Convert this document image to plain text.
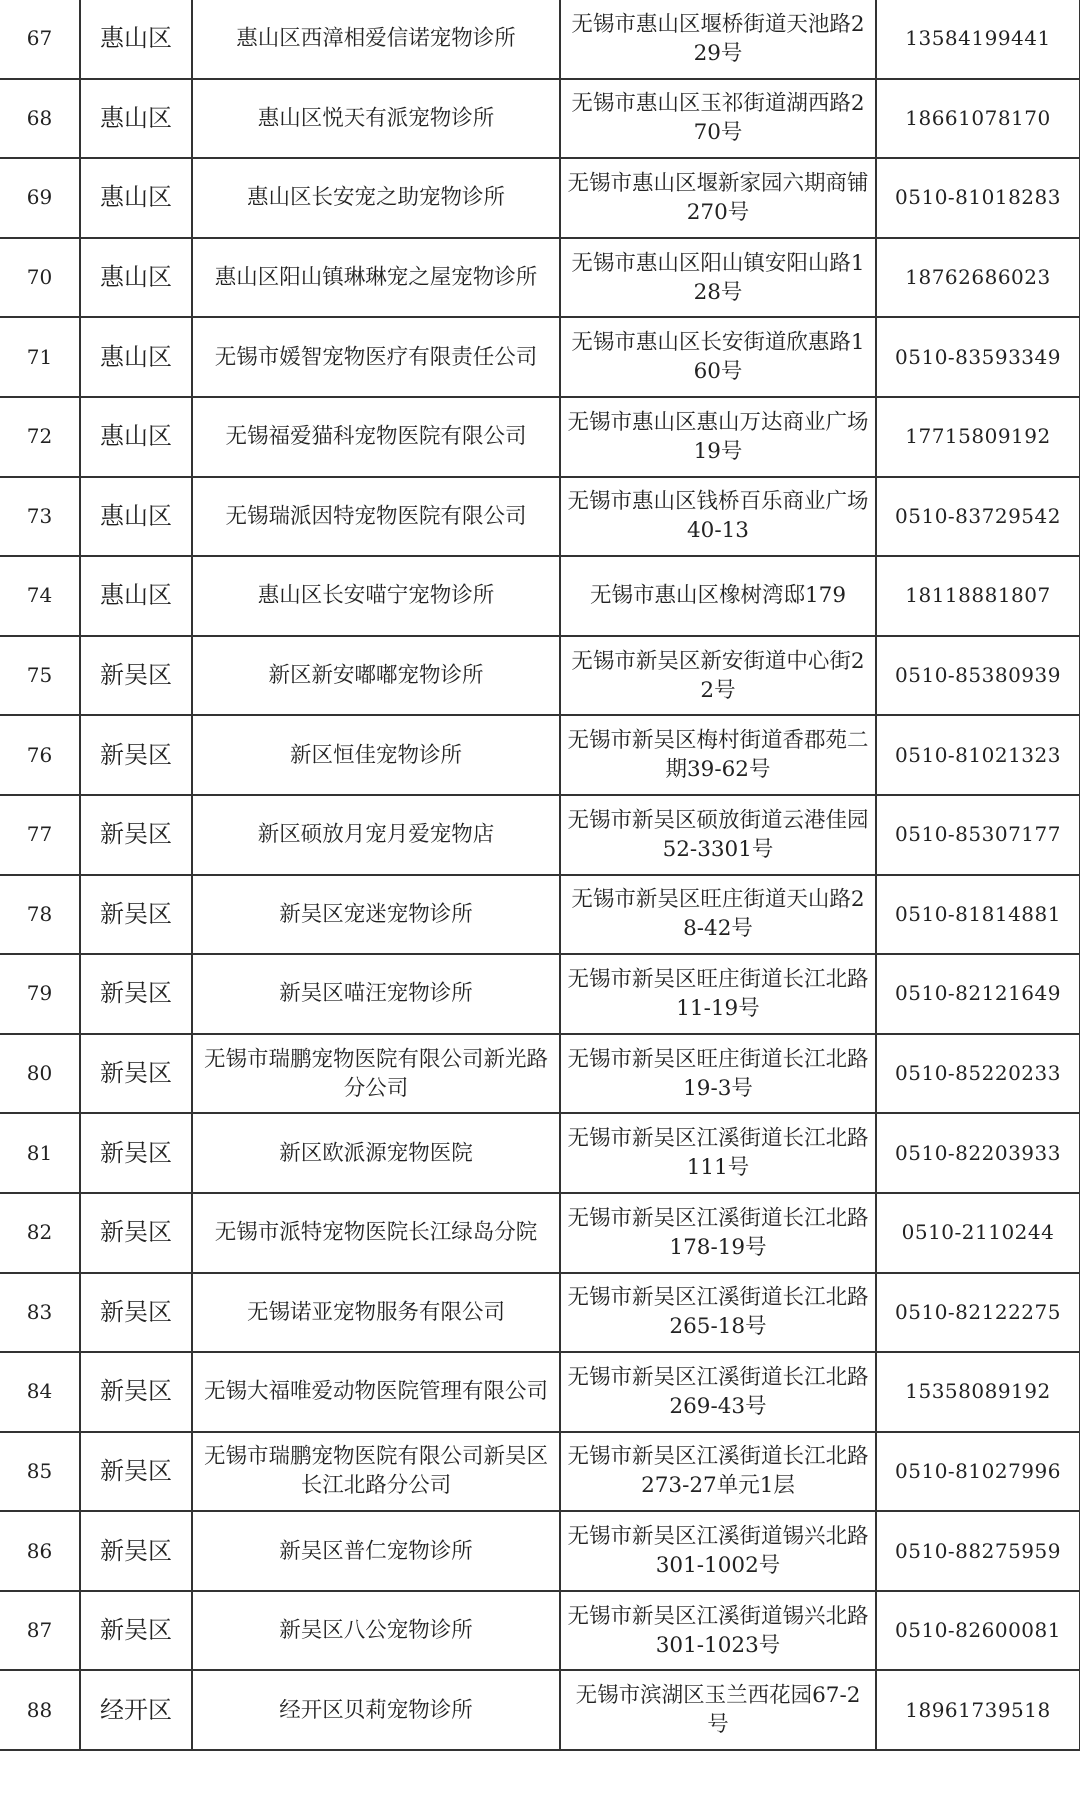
67	惠山区	惠山区西漳相爱信诺宠物诊所	无锡市惠山区堰桥街道天池路229号	13584199441
68	惠山区	惠山区悦天有派宠物诊所	无锡市惠山区玉祁街道湖西路270号	18661078170
69	惠山区	惠山区长安宠之助宠物诊所	无锡市惠山区堰新家园六期商铺270号	0510-81018283
70	惠山区	惠山区阳山镇琳琳宠之屋宠物诊所	无锡市惠山区阳山镇安阳山路128号	18762686023
71	惠山区	无锡市媛智宠物医疗有限责任公司	无锡市惠山区长安街道欣惠路160号	0510-83593349
72	惠山区	无锡福爱猫科宠物医院有限公司	无锡市惠山区惠山万达商业广场19号	17715809192
73	惠山区	无锡瑞派因特宠物医院有限公司	无锡市惠山区钱桥百乐商业广场40-13	0510-83729542
74	惠山区	惠山区长安喵宁宠物诊所	无锡市惠山区橡树湾邸179	18118881807
75	新吴区	新区新安嘟嘟宠物诊所	无锡市新吴区新安街道中心街22号	0510-85380939
76	新吴区	新区恒佳宠物诊所	无锡市新吴区梅村街道香郡苑二期39-62号	0510-81021323
77	新吴区	新区硕放月宠月爱宠物店	无锡市新吴区硕放街道云港佳园52-3301号	0510-85307177
78	新吴区	新吴区宠迷宠物诊所	无锡市新吴区旺庄街道天山路28-42号	0510-81814881
79	新吴区	新吴区喵汪宠物诊所	无锡市新吴区旺庄街道长江北路11-19号	0510-82121649
80	新吴区	无锡市瑞鹏宠物医院有限公司新光路分公司	无锡市新吴区旺庄街道长江北路19-3号	0510-85220233
81	新吴区	新区欧派源宠物医院	无锡市新吴区江溪街道长江北路111号	0510-82203933
82	新吴区	无锡市派特宠物医院长江绿岛分院	无锡市新吴区江溪街道长江北路178-19号	0510-2110244
83	新吴区	无锡诺亚宠物服务有限公司	无锡市新吴区江溪街道长江北路265-18号	0510-82122275
84	新吴区	无锡大福唯爱动物医院管理有限公司	无锡市新吴区江溪街道长江北路269-43号	15358089192
85	新吴区	无锡市瑞鹏宠物医院有限公司新吴区长江北路分公司	无锡市新吴区江溪街道长江北路273-27单元1层	0510-81027996
86	新吴区	新吴区普仁宠物诊所	无锡市新吴区江溪街道锡兴北路301-1002号	0510-88275959
87	新吴区	新吴区八公宠物诊所	无锡市新吴区江溪街道锡兴北路301-1023号	0510-82600081
88	经开区	经开区贝莉宠物诊所	无锡市滨湖区玉兰西花园67-2号	18961739518
